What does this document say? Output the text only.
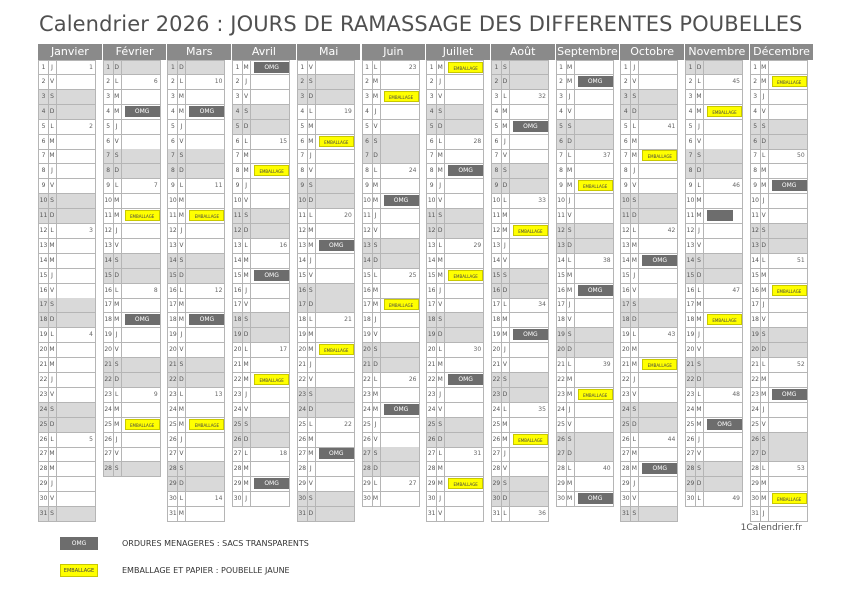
Calendrier 2026 : JOURS DE RAMASSAGE DES DIFFERENTES POUBELLES
Janvier
1 J	1
2 V
3 S
4 D
5 L	2
6 M
7 M
8 J
9 V
10 S
11 D
12 L	3
13 M
14 M
15 J
16 V
17 S
18 D
19 L	4
20 M
21 M
22 J
23 V
24 S
25 D
26 L	5
27 M
28 M
29 J
30 V
31 S
Février
1 D
2 L	6
3 M
4 M	OMG
5 J
6 V
7 S
8 D
9 L	7
10 M
11 M	EMBALLAGE
12 J
13 V
14 S
15 D
16 L	8
17 M
18 M	OMG
19 J
20 V
21 S
22 D
23 L	9
24 M
25 M	EMBALLAGE
26 J
27 V
28 S
Mars
1 D
2 L	10
3 M
4 M	OMG
5 J
6 V
7 S
8 D
9 L	11
10 M
11 M	EMBALLAGE
12 J
13 V
14 S
15 D
16 L	12
17 M
18 M	OMG
19 J
20 V
21 S
22 D
23 L	13
24 M
25 M	EMBALLAGE
26 J
27 V
28 S
29 D
30 L	14
31 M
Avril
1 M	OMG
2 J
3 V
4 S
5 D
6 L	15
7 M
8 M	EMBALLAGE
9 J
10 V
11 S
12 D
13 L	16
14 M
15 M	OMG
16 J
17 V
18 S
19 D
20 L	17
21 M
22 M	EMBALLAGE
23 J
24 V
25 S
26 D
27 L	18
28 M
29 M	OMG
30 J
Mai
1 V
2 S
3 D
4 L	19
5 M
6 M	EMBALLAGE
7 J
8 V
9 S
10 D
11 L	20
12 M
13 M	OMG
14 J
15 V
16 S
17 D
18 L	21
19 M
20 M	EMBALLAGE
21 J
22 V
23 S
24 D
25 L	22
26 M
27 M	OMG
28 J
29 V
30 S
31 D
Juin
1 L	23
2 M
3 M	EMBALLAGE
4 J
5 V
6 S
7 D
8 L	24
9 M
10 M	OMG
11 J
12 V
13 S
14 D
15 L	25
16 M
17 M	EMBALLAGE
18 J
19 V
20 S
21 D
22 L	26
23 M
24 M	OMG
25 J
26 V
27 S
28 D
29 L	27
30 M
Juillet
1 M	EMBALLAGE
2 J
3 V
4 S
5 D
6 L	28
7 M
8 M	OMG
9 J
10 V
11 S
12 D
13 L	29
14 M
15 M	EMBALLAGE
16 J
17 V
18 S
19 D
20 L	30
21 M
22 M	OMG
23 J
24 V
25 S
26 D
27 L	31
28 M
29 M	EMBALLAGE
30 J
31 V
Août
1 S
2 D
3 L	32
4 M
5 M	OMG
6 J
7 V
8 S
9 D
10 L	33
11 M
12 M	EMBALLAGE
13 J
14 V
15 S
16 D
17 L	34
18 M
19 M	OMG
20 J
21 V
22 S
23 D
24 L	35
25 M
26 M	EMBALLAGE
27 J
28 V
29 S
30 D
31 L	36
Septembre
1 M
2 M	OMG
3 J
4 V
5 S
6 D
7 L	37
8 M
9 M	EMBALLAGE
10 J
11 V
12 S
13 D
14 L	38
15 M
16 M	OMG
17 J
18 V
19 S
20 D
21 L	39
22 M
23 M	EMBALLAGE
24 J
25 V
26 S
27 D
28 L	40
29 M
30 M	OMG
Octobre
1 J
2 V
3 S
4 D
5 L	41
6 M
7 M	EMBALLAGE
8 J
9 V
10 S
11 D
12 L	42
13 M
14 M	OMG
15 J
16 V
17 S
18 D
19 L	43
20 M
21 M	EMBALLAGE
22 J
23 V
24 S
25 D
26 L	44
27 M
28 M	OMG
29 J
30 V
31 S
Novembre
1 D
2 L	45
3 M
4 M	EMBALLAGE
5 J
6 V
7 S
8 D
9 L	46
10 M
11 M
12 J
13 V
14 S
15 D
16 L	47
17 M
18 M	EMBALLAGE
19 J
20 V
21 S
22 D
23 L	48
24 M
25 M	OMG
26 J
27 V
28 S
29 D
30 L	49
Décembre
1 M
2 M	EMBALLAGE
3 J
4 V
5 S
6 D
7 L	50
8 M
9 M	OMG
10 J
11 V
12 S
13 D
14 L	51
15 M
16 M	EMBALLAGE
17 J
18 V
19 S
20 D
21 L	52
22 M
23 M	OMG
24 J
25 V
26 S
27 D
28 L	53
29 M
30 M	EMBALLAGE
31 J
OMG	ORDURES MENAGERES : SACS TRANSPARENTS
EMBALLAGE	EMBALLAGE ET PAPIER : POUBELLE JAUNE
1Calendrier.fr
